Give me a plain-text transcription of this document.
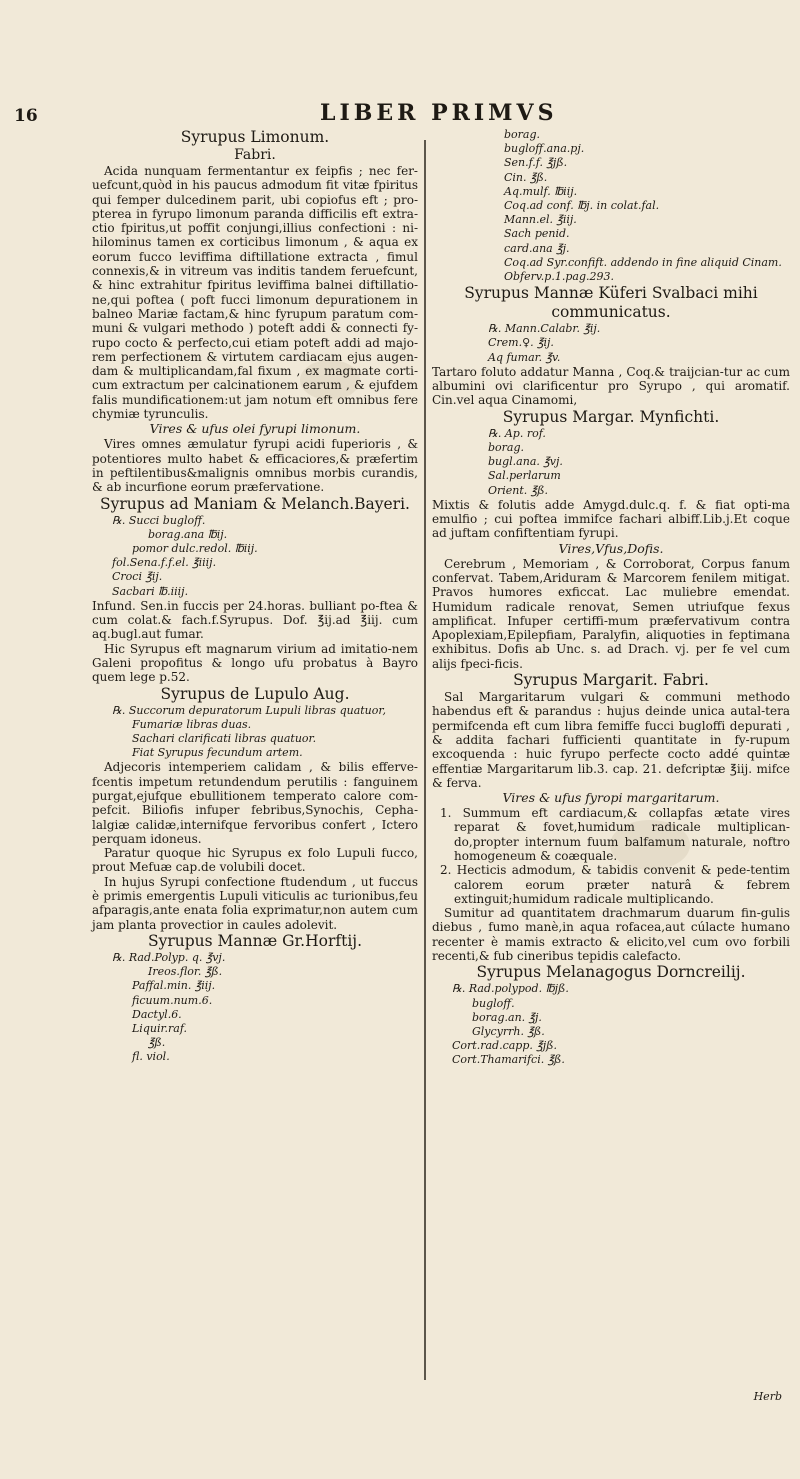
16	LIBER PRIMVS
Syrupus Limonum.
Fabri.
Acida nunquam fermentantur ex feipfis ; nec fer-uefcunt,quòd in his paucus admodum fit vitæ fpiritus qui femper dulcedinem parit, ubi copiofus eft ; pro-pterea in fyrupo limonum paranda difficilis eft extra-ctio fpiritus,ut poffit conjungi,illius confectioni : ni-hilominus tamen ex corticibus limonum , & aqua ex eorum fucco leviffima diftillatione extracta , fimul connexis,& in vitreum vas inditis tandem feruefcunt, & hinc extrahitur fpiritus leviffima balnei diftillatio-ne,qui poftea ( poft fucci limonum depurationem in balneo Mariæ factam,& hinc fyrupum paratum com-muni & vulgari methodo ) poteft addi & connecti fy-rupo cocto & perfecto,cui etiam poteft addi ad majo-rem perfectionem & virtutem cardiacam ejus augen-dam & multiplicandam,fal fixum , ex magmate corti-cum extractum per calcinationem earum , & ejufdem falis mundificationem:ut jam notum eft omnibus fere chymiæ tyrunculis.
Vires & ufus olei fyrupi limonum.
Vires omnes æmulatur fyrupi acidi fuperioris , & potentiores multo habet & efficaciores,& præfertim in peftilentibus&malignis omnibus morbis curandis, & ab incurfione eorum præfervatione.
Syrupus ad Maniam & Melanch.Bayeri.
℞. Succi bugloff.
borag.ana ℔ij.
pomor dulc.redol. ℔iij.
fol.Sena.f.f.el. ℥iiij.
Croci ℥ij.
Sacbari ℔.iiij.
Infund. Sen.in fuccis per 24.horas. bulliant po-ftea & cum colat.& fach.f.Syrupus. Dof. ℥ij.ad ℥iij. cum aq.bugl.aut fumar.
Hic Syrupus eft magnarum virium ad imitatio-nem Galeni propofitus & longo ufu probatus à Bayro quem lege p.52.
Syrupus de Lupulo Aug.
℞. Succorum depuratorum Lupuli libras quatuor,
Fumariæ libras duas.
Sachari clarificati libras quatuor.
Fiat Syrupus fecundum artem.
Adjecoris intemperiem calidam , & bilis efferve-fcentis impetum retundendum perutilis : fanguinem purgat,ejufque ebullitionem temperato calore com-pefcit. Biliofis infuper febribus,Synochis, Cepha-lalgiæ calidæ,internifque fervoribus confert , Ictero perquam idoneus.
Paratur quoque hic Syrupus ex folo Lupuli fucco, prout Mefuæ cap.de volubili docet.
In hujus Syrupi confectione ftudendum , ut fuccus è primis emergentis Lupuli viticulis ac turionibus,feu afparagis,ante enata folia exprimatur,non autem cum jam planta provectior in caules adolevit.
Syrupus Mannæ Gr.Horftij.
℞. Rad.Polyp. q. ℥vj.
Ireos.flor. ℥ß.
Paffal.min. ℥iij.
ficuum.num.6.
Dactyl.6.
Liquir.raf.
℥ß.
fl. viol.
borag.
bugloff.ana.pj.
Sen.f.f. ℥jß.
Cin. ℥ß.
Aq.mulf. ℔iij.
Coq.ad conf. ℔j. in colat.fal.
Mann.el. ℥iij.
Sach penid.
card.ana ℥j.
Coq.ad Syr.confift. addendo in fine aliquid Cinam.
Obferv.p.1.pag.293.
Syrupus Mannæ Küferi Svalbaci mihi communicatus.
℞. Mann.Calabr. ℥ij.
Crem.♀. ℥ij.
Aq fumar. ℥v.
Tartaro foluto addatur Manna , Coq.& traijcian-tur ac cum albumini ovi clarificentur pro Syrupo , qui aromatif. Cin.vel aqua Cinamomi,
Syrupus Margar. Mynfichti.
℞. Ap. rof.
borag.
bugl.ana. ℥vj.
Sal.perlarum
Orient. ℥ß.
Mixtis & folutis adde Amygd.dulc.q. f. & fiat opti-ma emulfio ; cui poftea immifce fachari albiff.Lib.j.Et coque ad juftam confiftentiam fyrupi.
Vires,Vfus,Dofis.
Cerebrum , Memoriam , & Corroborat, Corpus fanum confervat. Tabem,Ariduram & Marcorem fenilem mitigat. Pravos humores exficcat. Lac muliebre emendat. Humidum radicale renovat, Semen utriufque fexus amplificat. Infuper certiffi-mum præfervativum contra Apoplexiam,Epilepfiam, Paralyfin, aliquoties in feptimana exhibitus. Dofis ab Unc. s. ad Drach. vj. per fe vel cum alijs fpeci-ficis.
Syrupus Margarit. Fabri.
Sal Margaritarum vulgari & communi methodo habendus eft & parandus : hujus deinde unica autal-tera permifcenda eft cum libra femiffe fucci bugloffi depurati , & addita fachari fufficienti quantitate in fy-rupum excoquenda : huic fyrupo perfecte cocto addé quintæ effentiæ Margaritarum lib.3. cap. 21. defcriptæ ℥iij. mifce & ferva.
Vires & ufus fyropi margaritarum.
1. Summum eft cardiacum,& collapfas ætate vires reparat & fovet,humidum radicale multiplican-do,propter internum fuum balfamum naturale, noftro homogeneum & coæquale.
2. Hecticis admodum, & tabidis convenit & pede-tentim calorem eorum præter naturâ & febrem extinguit;humidum radicale multiplicando.
Sumitur ad quantitatem drachmarum duarum fin-gulis diebus , fumo manè,in aqua rofacea,aut cúlacte humano recenter è mamis extracto & elicito,vel cum ovo forbili recenti,& fub cineribus tepidis calefacto.
Syrupus Melanagogus Dorncreilij.
℞. Rad.polypod. ℔jß.
bugloff.
borag.an. ℥j.
Glycyrrh. ℥ß.
Cort.rad.capp. ℥jß.
Cort.Thamarifci. ℥ß.
Herb
